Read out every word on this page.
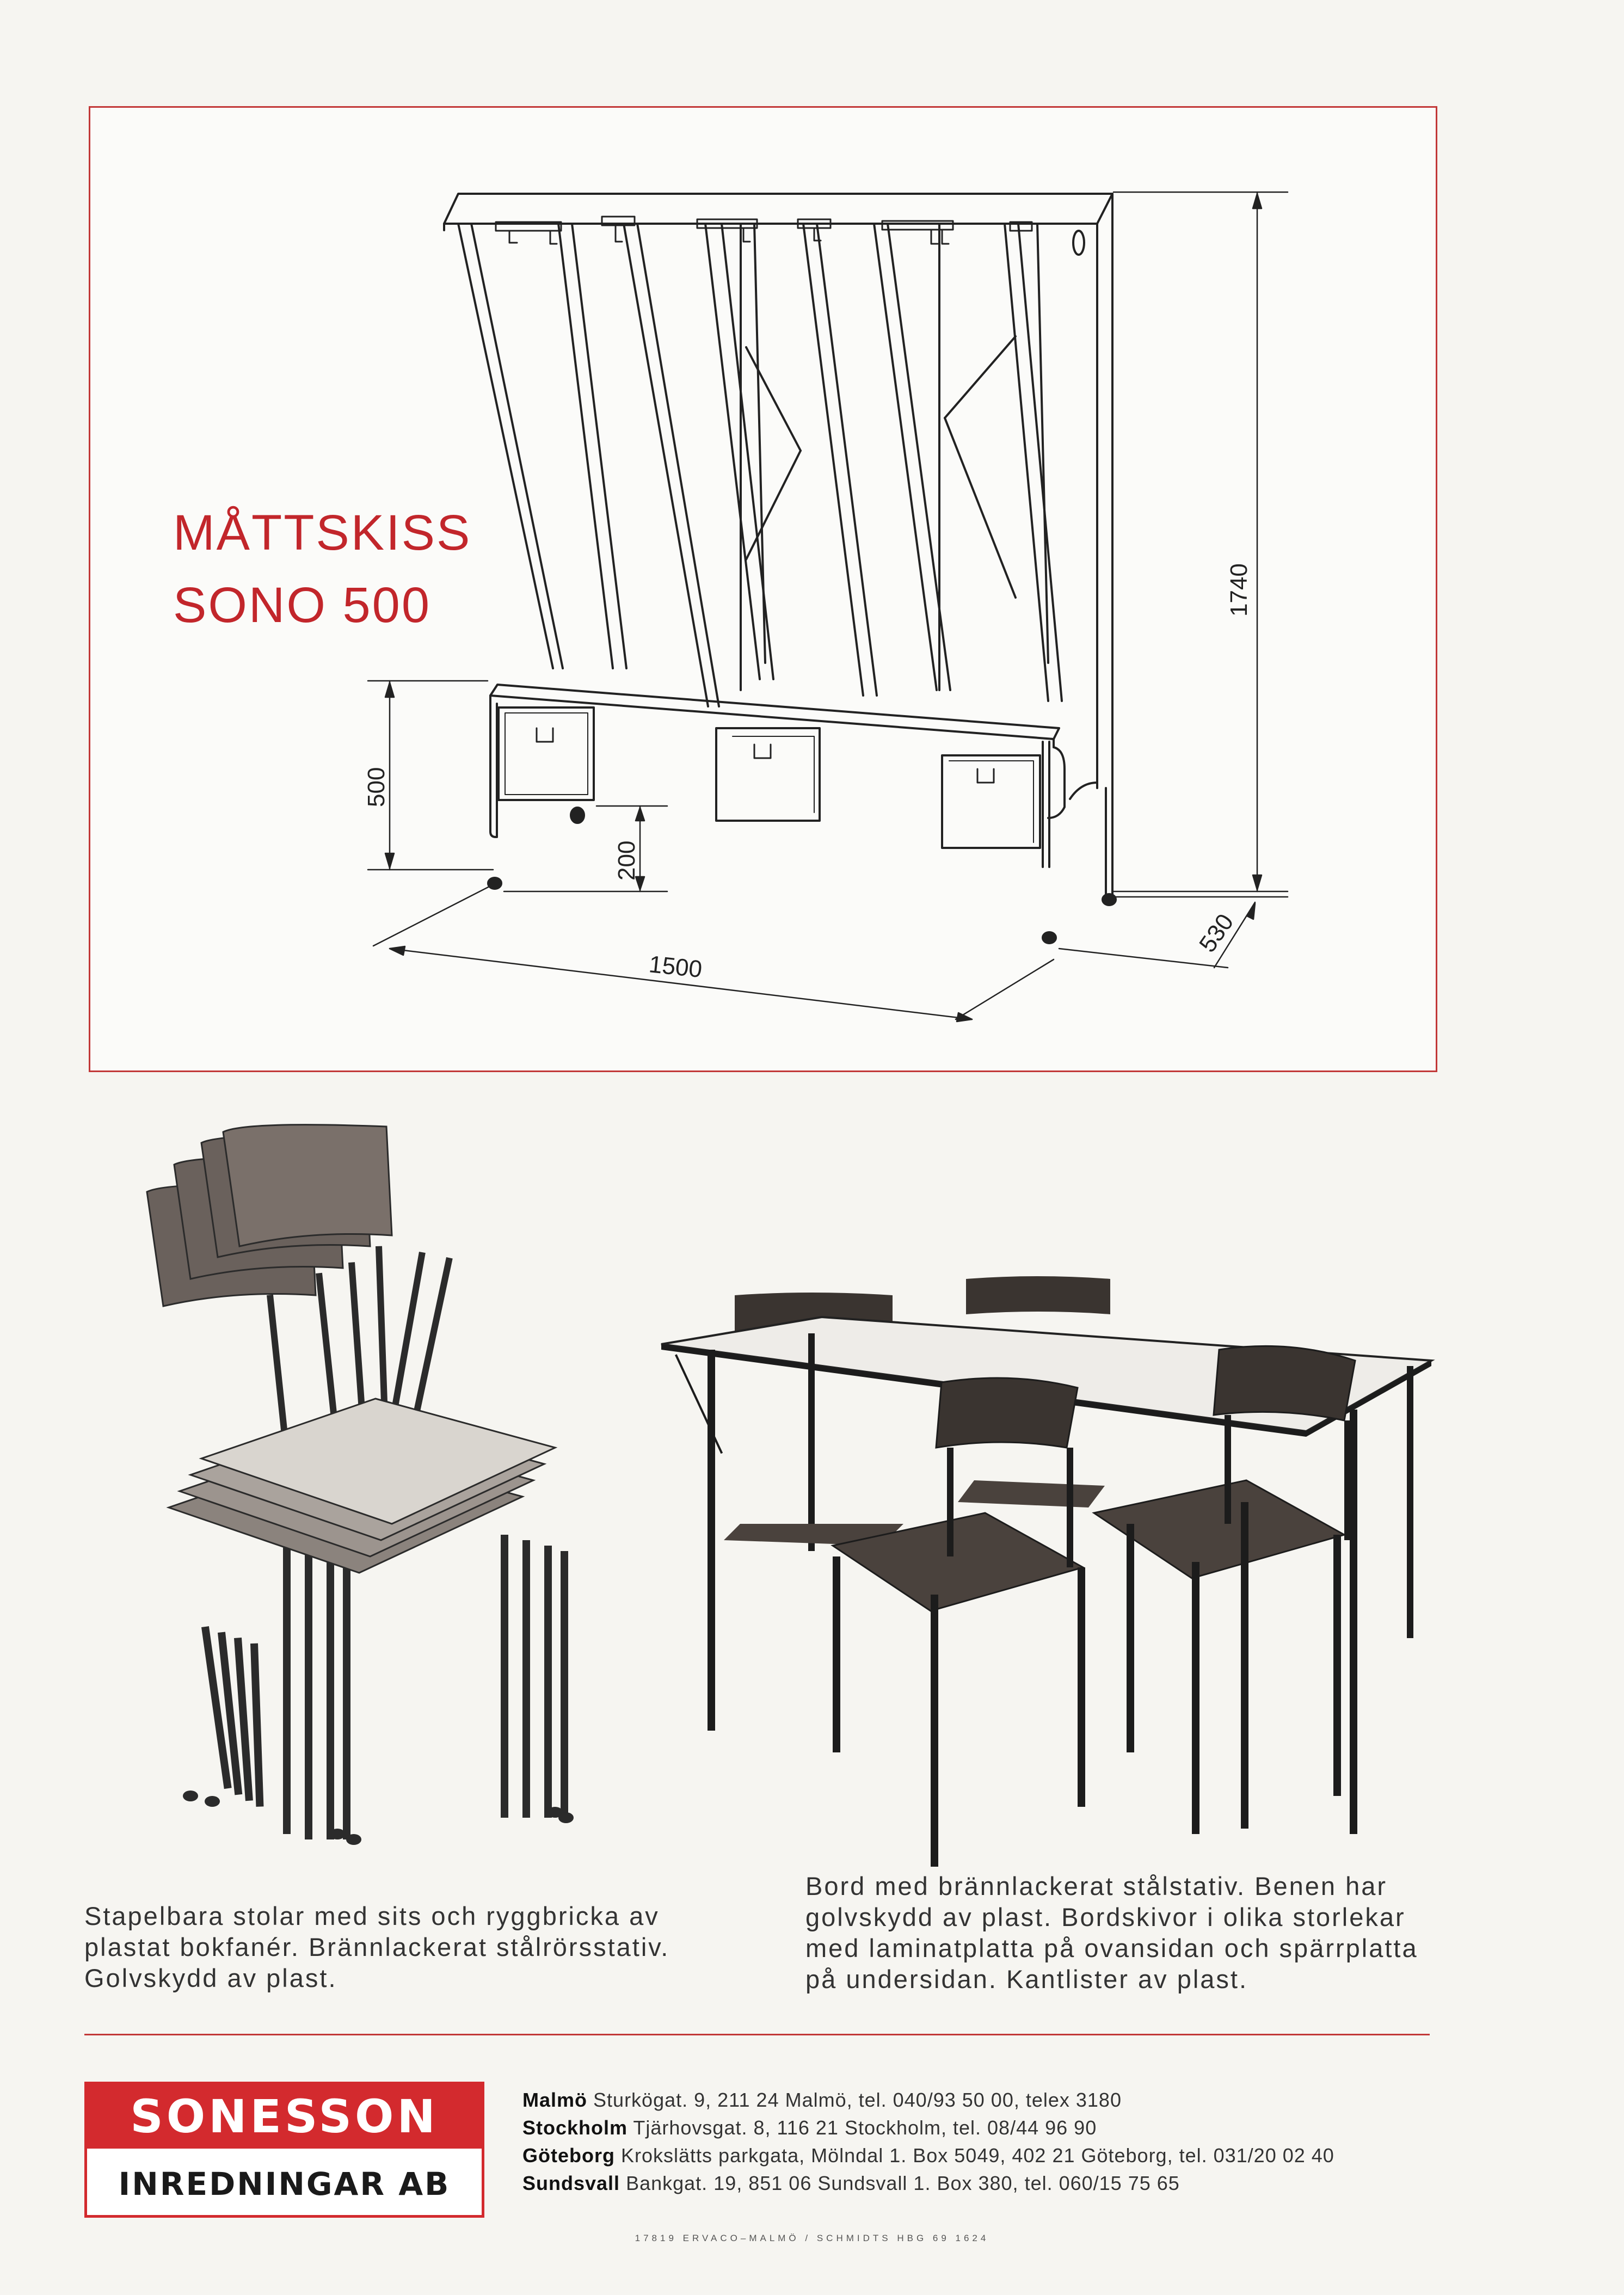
1740
500
200
1500
530
MÅTTSKISS
SONO 500
Stapelbara stolar med sits och ryggbricka av
plastat bokfanér. Brännlackerat stålrörsstativ.
Golvskydd av plast.
Bord med brännlackerat stålstativ. Benen har
golvskydd av plast. Bordskivor i olika storlekar
med laminatplatta på ovansidan och spärrplatta
på undersidan. Kantlister av plast.
SONESSON
INREDNINGAR AB
Malmö Sturkögat. 9, 211 24 Malmö, tel. 040/93 50 00, telex 3180
Stockholm Tjärhovsgat. 8, 116 21 Stockholm, tel. 08/44 96 90
Göteborg Krokslätts parkgata, Mölndal 1. Box 5049, 402 21 Göteborg, tel. 031/20 02 40
Sundsvall Bankgat. 19, 851 06 Sundsvall 1. Box 380, tel. 060/15 75 65
17819 ERVACO–MALMÖ / SCHMIDTS HBG 69 1624
